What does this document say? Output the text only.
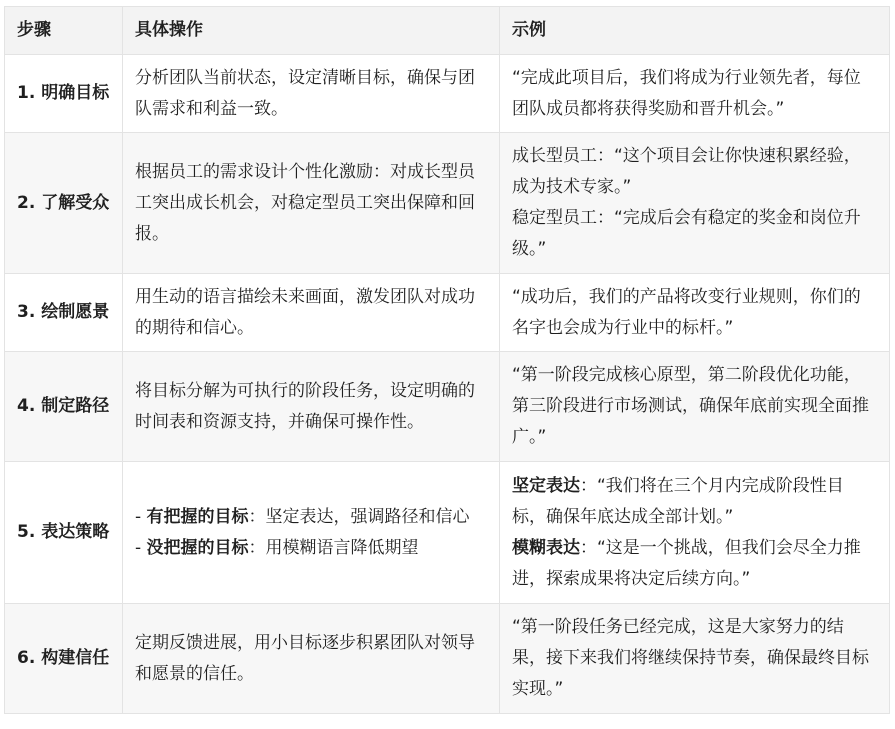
步骤	具体操作	示例
1. 明确目标	分析团队当前状态，设定清晰目标，确保与团队需求和利益一致。	“完成此项目后，我们将成为行业领先者，每位团队成员都将获得奖励和晋升机会。”
2. 了解受众	根据员工的需求设计个性化激励：对成长型员工突出成长机会，对稳定型员工突出保障和回报。	成长型员工：“这个项目会让你快速积累经验，成为技术专家。”
稳定型员工：“完成后会有稳定的奖金和岗位升级。”

3. 绘制愿景	用生动的语言描绘未来画面，激发团队对成功的期待和信心。	“成功后，我们的产品将改变行业规则，你们的名字也会成为行业中的标杆。”
4. 制定路径	将目标分解为可执行的阶段任务，设定明确的时间表和资源支持，并确保可操作性。	“第一阶段完成核心原型，第二阶段优化功能，第三阶段进行市场测试，确保年底前实现全面推广。”
5. 表达策略	- 有把握的目标：坚定表达，强调路径和信心
- 没把握的目标：用模糊语言降低期望	坚定表达：“我们将在三个月内完成阶段性目标，确保年底达成全部计划。”
模糊表达：“这是一个挑战，但我们会尽全力推进，探索成果将决定后续方向。”

6. 构建信任	定期反馈进展，用小目标逐步积累团队对领导和愿景的信任。	“第一阶段任务已经完成，这是大家努力的结果，接下来我们将继续保持节奏，确保最终目标实现。”
